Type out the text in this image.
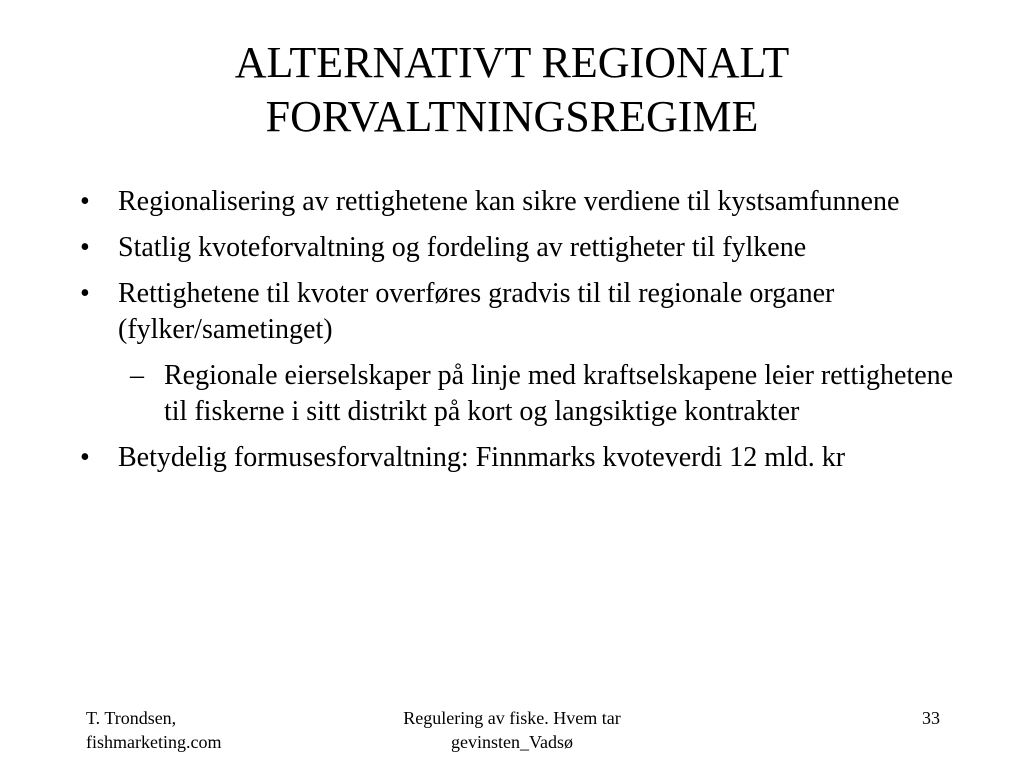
ALTERNATIVT REGIONALT
FORVALTNINGSREGIME
• Regionalisering av rettighetene kan sikre verdiene til kystsamfunnene
• Statlig kvoteforvaltning og fordeling av rettigheter til fylkene
• Rettighetene til kvoter overføres gradvis til til regionale organer (fylker/sametinget)
– Regionale eierselskaper på linje med kraftselskapene leier rettighetene til fiskerne i sitt distrikt på kort og langsiktige kontrakter
• Betydelig formusesforvaltning: Finnmarks kvoteverdi 12 mld. kr
T. Trondsen,
fishmarketing.com
Regulering av fiske. Hvem tar
gevinsten_Vadsø
33
